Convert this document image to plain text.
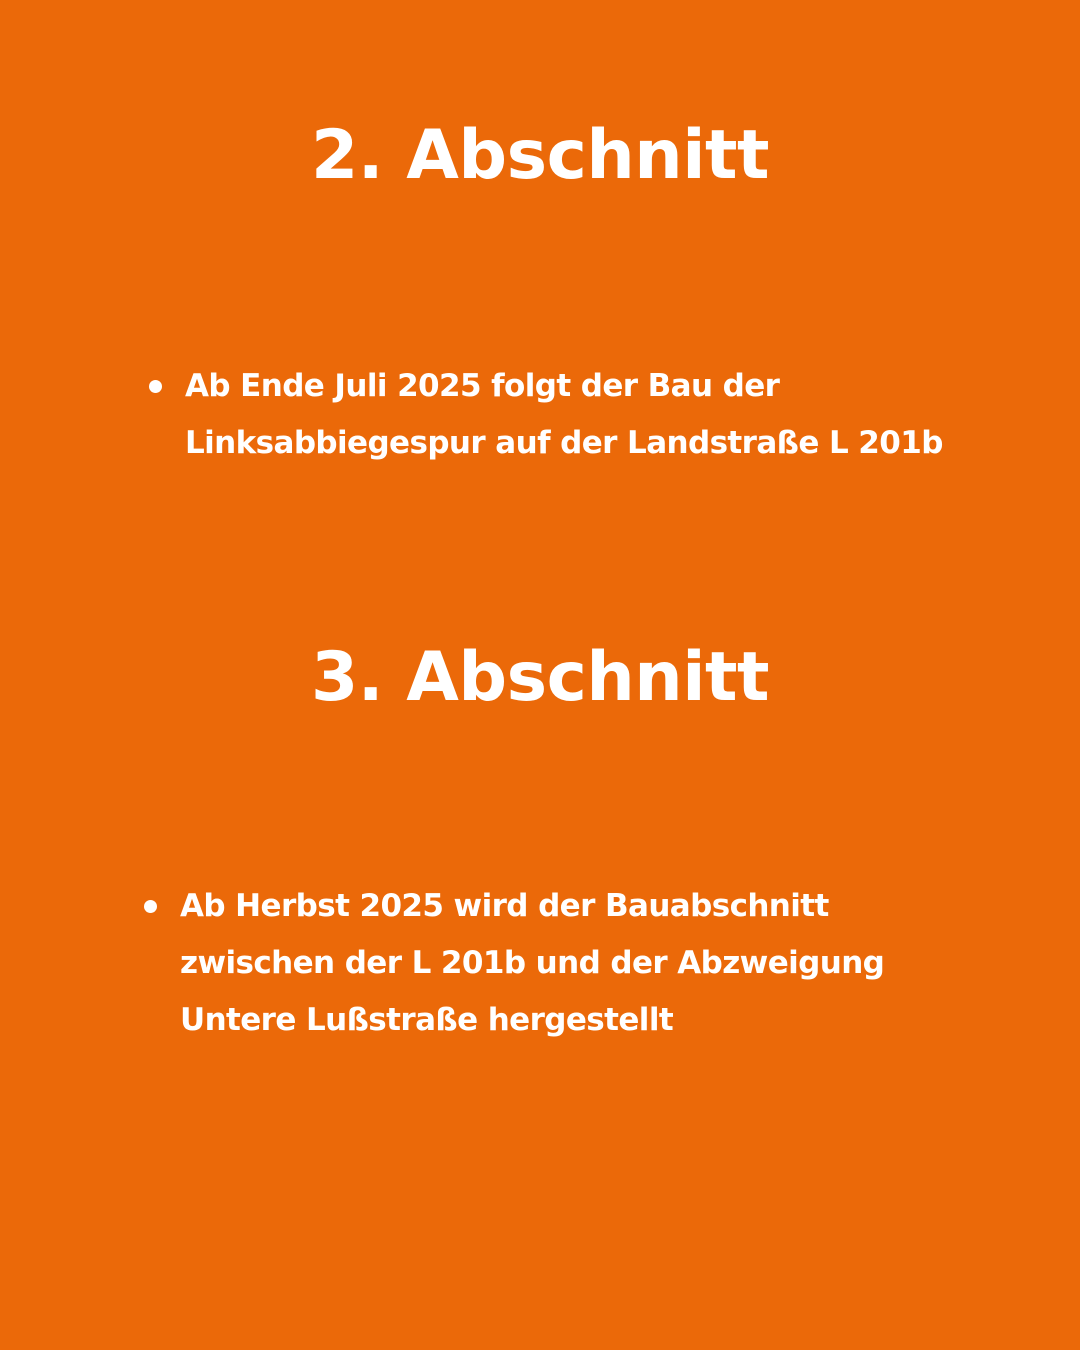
2. Abschnitt
Ab Ende Juli 2025 folgt der Bau der
Linksabbiegespur auf der Landstraße L 201b
3. Abschnitt
Ab Herbst 2025 wird der Bauabschnitt
zwischen der L 201b und der Abzweigung
Untere Lußstraße hergestellt
